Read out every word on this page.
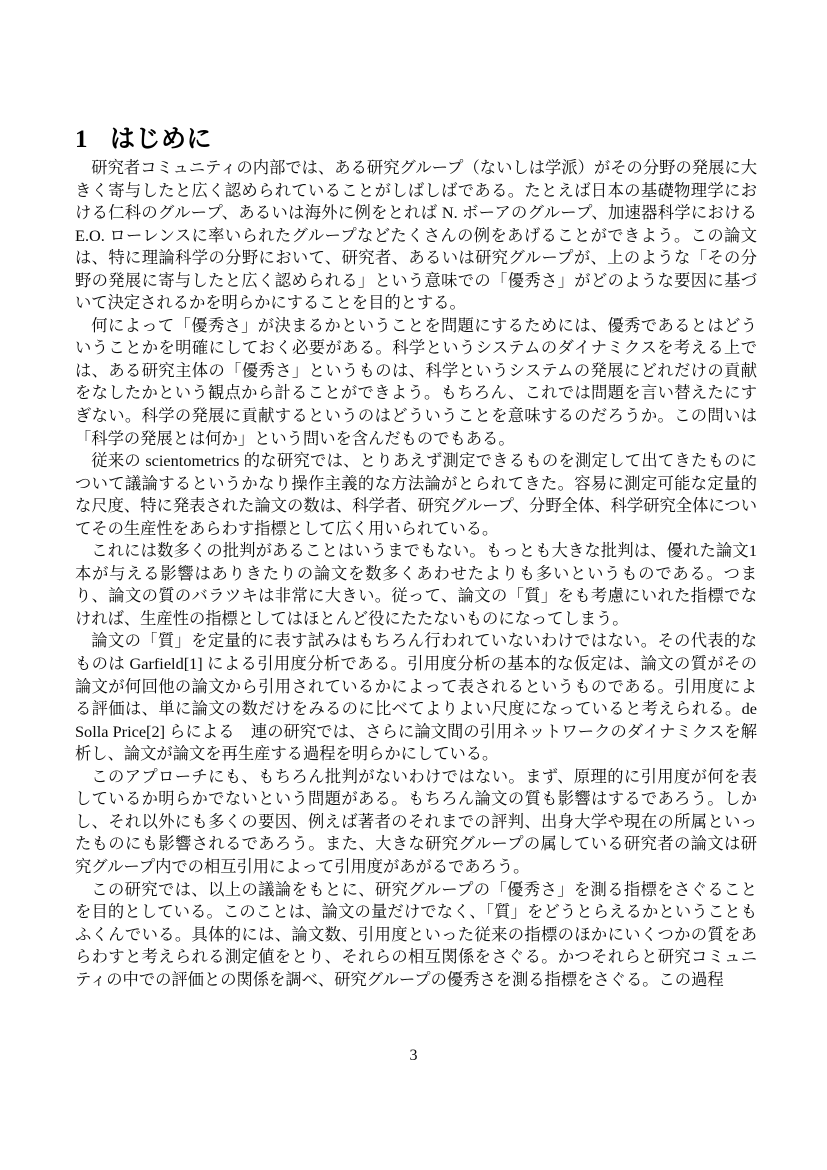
1 はじめに

研究者コミュニティの内部では、ある研究グループ（ないしは学派）がその分野の発展に大きく寄与したと広く認められていることがしばしばである。たとえば日本の基礎物理学における仁科のグループ、あるいは海外に例をとれば N. ボーアのグループ、加速器科学における E.O. ローレンスに率いられたグループなどたくさんの例をあげることができよう。この論文は、特に理論科学の分野において、研究者、あるいは研究グループが、上のような「その分野の発展に寄与したと広く認められる」という意味での「優秀さ」がどのような要因に基づいて決定されるかを明らかにすることを目的とする。

何によって「優秀さ」が決まるかということを問題にするためには、優秀であるとはどういうことかを明確にしておく必要がある。科学というシステムのダイナミクスを考える上では、ある研究主体の「優秀さ」というものは、科学というシステムの発展にどれだけの貢献をなしたかという観点から計ることができよう。もちろん、これでは問題を言い替えたにすぎない。科学の発展に貢献するというのはどういうことを意味するのだろうか。この問いは「科学の発展とは何か」という問いを含んだものでもある。

従来の scientometrics 的な研究では、とりあえず測定できるものを測定して出てきたものについて議論するというかなり操作主義的な方法論がとられてきた。容易に測定可能な定量的な尺度、特に発表された論文の数は、科学者、研究グループ、分野全体、科学研究全体についてその生産性をあらわす指標として広く用いられている。

これには数多くの批判があることはいうまでもない。もっとも大きな批判は、優れた論文1本が与える影響はありきたりの論文を数多くあわせたよりも多いというものである。つまり、論文の質のバラツキは非常に大きい。従って、論文の「質」をも考慮にいれた指標でなければ、生産性の指標としてはほとんど役にたたないものになってしまう。

論文の「質」を定量的に表す試みはもちろん行われていないわけではない。その代表的なものは Garfield[1] による引用度分析である。引用度分析の基本的な仮定は、論文の質がその論文が何回他の論文から引用されているかによって表されるというものである。引用度による評価は、単に論文の数だけをみるのに比べてよりよい尺度になっていると考えられる。de Solla Price[2] らによる　連の研究では、さらに論文間の引用ネットワークのダイナミクスを解析し、論文が論文を再生産する過程を明らかにしている。

このアプローチにも、もちろん批判がないわけではない。まず、原理的に引用度が何を表しているか明らかでないという問題がある。もちろん論文の質も影響はするであろう。しかし、それ以外にも多くの要因、例えば著者のそれまでの評判、出身大学や現在の所属といったものにも影響されるであろう。また、大きな研究グループの属している研究者の論文は研究グループ内での相互引用によって引用度があがるであろう。

この研究では、以上の議論をもとに、研究グループの「優秀さ」を測る指標をさぐることを目的としている。このことは、論文の量だけでなく、「質」をどうとらえるかということもふくんでいる。具体的には、論文数、引用度といった従来の指標のほかにいくつかの質をあらわすと考えられる測定値をとり、それらの相互関係をさぐる。かつそれらと研究コミュニティの中での評価との関係を調べ、研究グループの優秀さを測る指標をさぐる。この過程

3
